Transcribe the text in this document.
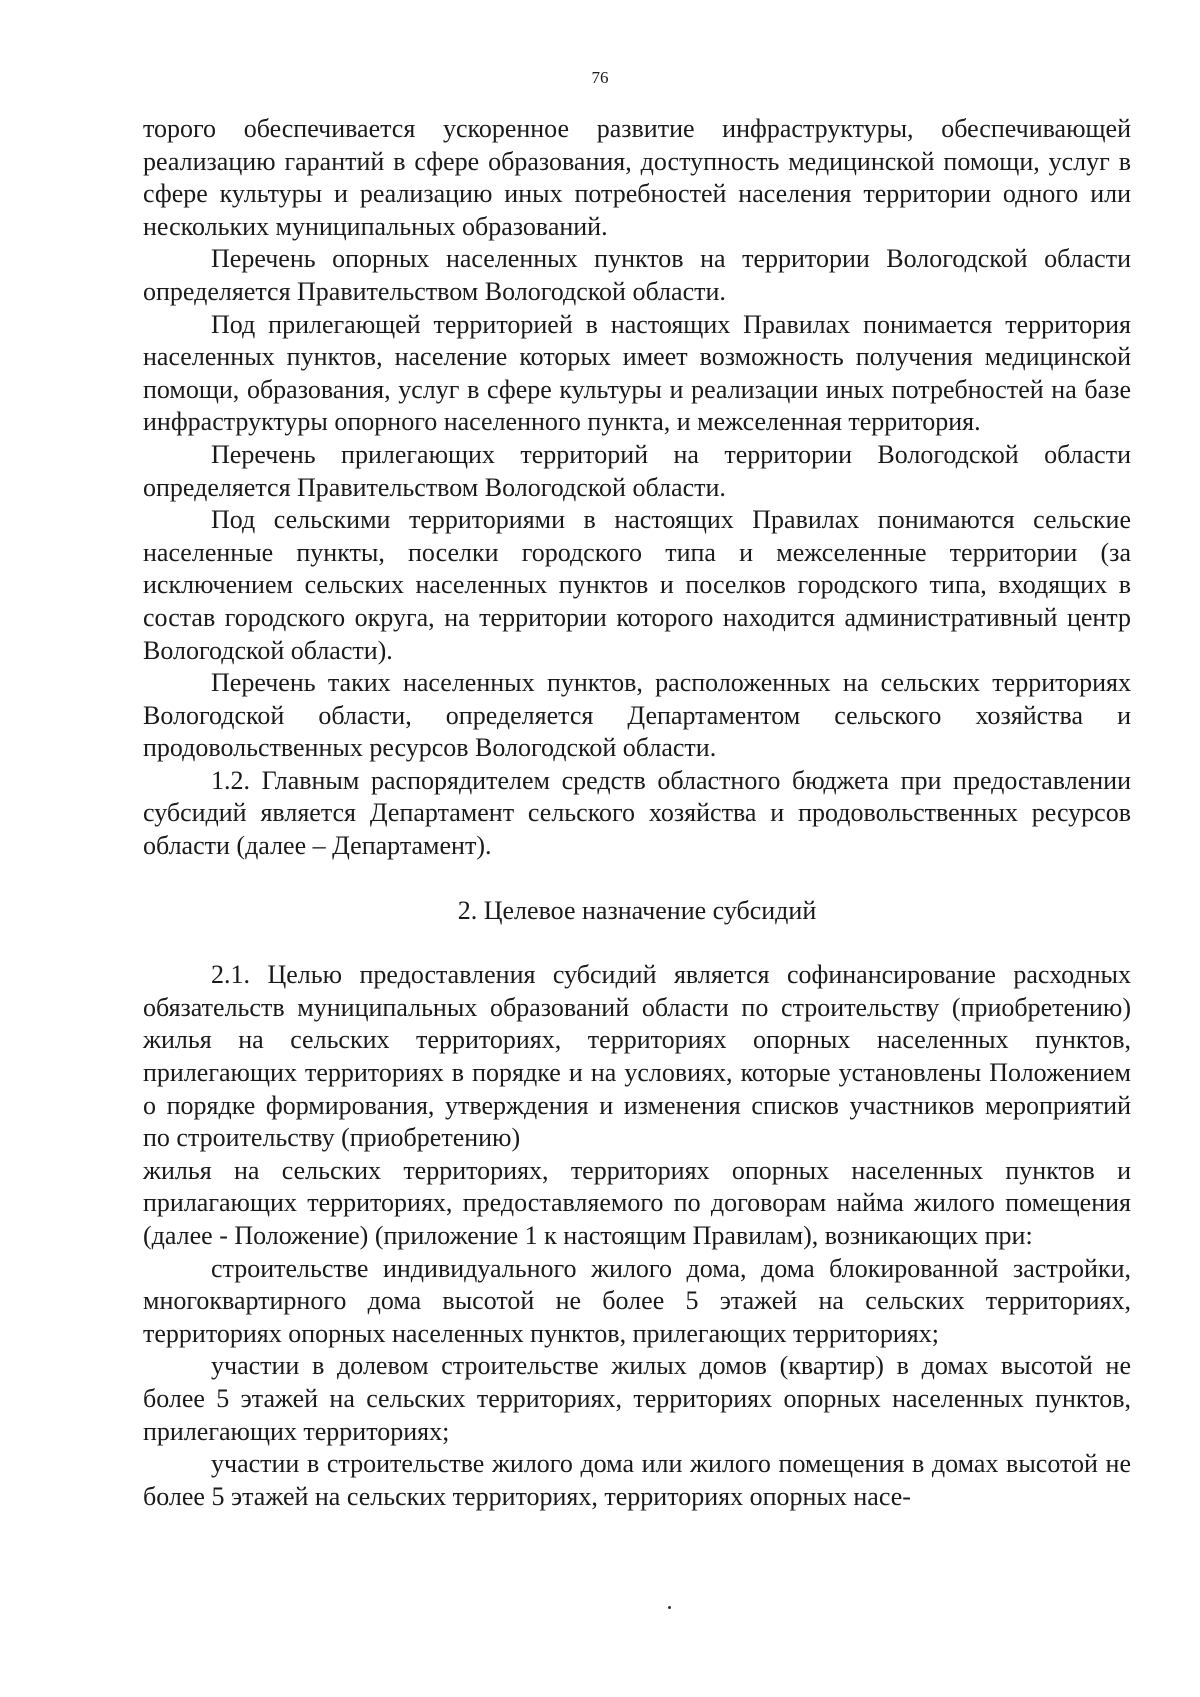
76

торого обеспечивается ускоренное развитие инфраструктуры, обеспечивающей реализацию гарантий в сфере образования, доступность медицинской помощи, услуг в сфере культуры и реализацию иных потребностей населения территории одного или нескольких муниципальных образований.

Перечень опорных населенных пунктов на территории Вологодской области определяется Правительством Вологодской области.

Под прилегающей территорией в настоящих Правилах понимается территория населенных пунктов, население которых имеет возможность получения медицинской помощи, образования, услуг в сфере культуры и реализации иных потребностей на базе инфраструктуры опорного населенного пункта, и межселенная территория.

Перечень прилегающих территорий на территории Вологодской области определяется Правительством Вологодской области.

Под сельскими территориями в настоящих Правилах понимаются сельские населенные пункты, поселки городского типа и межселенные территории (за исключением сельских населенных пунктов и поселков городского типа, входящих в состав городского округа, на территории которого находится административный центр Вологодской области).

Перечень таких населенных пунктов, расположенных на сельских территориях Вологодской области, определяется Департаментом сельского хозяйства и продовольственных ресурсов Вологодской области.

1.2. Главным распорядителем средств областного бюджета при предоставлении субсидий является Департамент сельского хозяйства и продовольственных ресурсов области (далее – Департамент).

2. Целевое назначение субсидий

2.1. Целью предоставления субсидий является софинансирование расходных обязательств муниципальных образований области по строительству (приобретению) жилья на сельских территориях, территориях опорных населенных пунктов, прилегающих территориях в порядке и на условиях, которые установлены Положением о порядке формирования, утверждения и изменения списков участников мероприятий по строительству (приобретению)

жилья на сельских территориях, территориях опорных населенных пунктов и прилагающих территориях, предоставляемого по договорам найма жилого помещения (далее - Положение) (приложение 1 к настоящим Правилам), возникающих при:

строительстве индивидуального жилого дома, дома блокированной застройки, многоквартирного дома высотой не более 5 этажей на сельских территориях, территориях опорных населенных пунктов, прилегающих территориях;

участии в долевом строительстве жилых домов (квартир) в домах высотой не более 5 этажей на сельских территориях, территориях опорных населенных пунктов, прилегающих территориях;

участии в строительстве жилого дома или жилого помещения в домах высотой не более 5 этажей на сельских территориях, территориях опорных насе-
